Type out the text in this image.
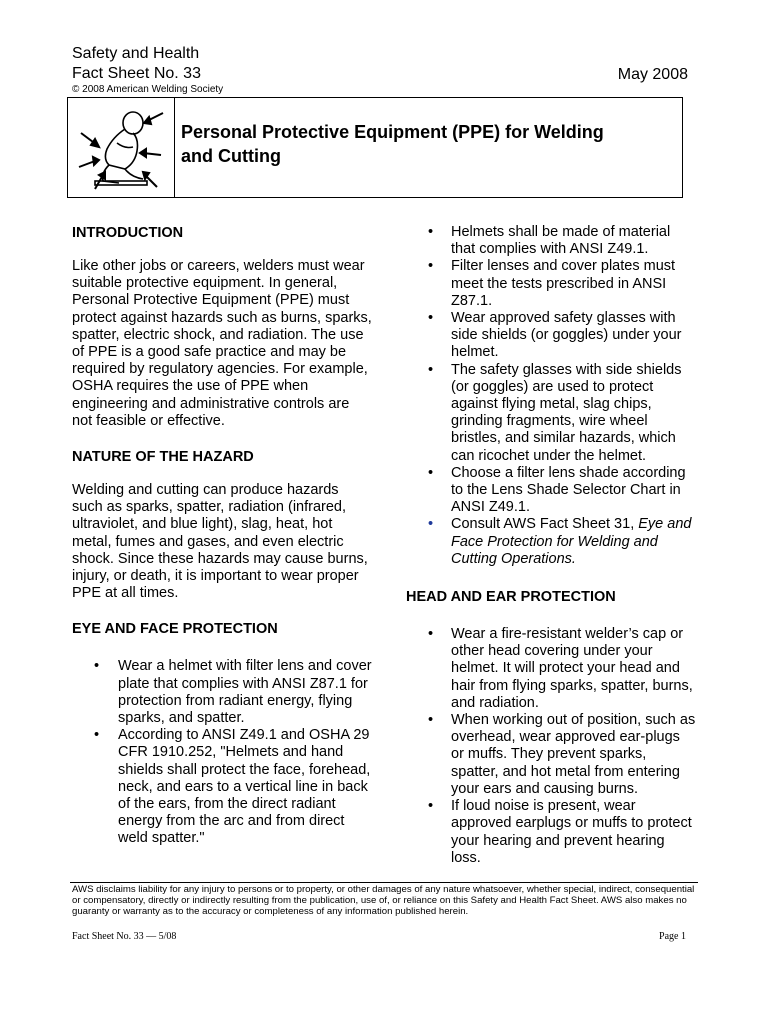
Safety and Health
Fact Sheet No. 33	May 2008
© 2008 American Welding Society
Personal Protective Equipment (PPE) for Welding
and Cutting
INTRODUCTION

Like other jobs or careers, welders must wear suitable protective equipment. In general, Personal Protective Equipment (PPE) must protect against hazards such as burns, sparks, spatter, electric shock, and radiation. The use of PPE is a good safe practice and may be required by regulatory agencies. For example, OSHA requires the use of PPE when engineering and administrative controls are not feasible or effective.

NATURE OF THE HAZARD

Welding and cutting can produce hazards such as sparks, spatter, radiation (infrared, ultraviolet, and blue light), slag, heat, hot metal, fumes and gases, and even electric shock. Since these hazards may cause burns, injury, or death, it is important to wear proper PPE at all times.

EYE AND FACE PROTECTION
• Wear a helmet with filter lens and cover plate that complies with ANSI Z87.1 for protection from radiant energy, flying sparks, and spatter.
• According to ANSI Z49.1 and OSHA 29 CFR 1910.252, "Helmets and hand shields shall protect the face, forehead, neck, and ears to a vertical line in back of the ears, from the direct radiant energy from the arc and from direct weld spatter."
• Helmets shall be made of material that complies with ANSI Z49.1.
• Filter lenses and cover plates must meet the tests prescribed in ANSI Z87.1.
• Wear approved safety glasses with side shields (or goggles) under your helmet.
• The safety glasses with side shields (or goggles) are used to protect against flying metal, slag chips, grinding fragments, wire wheel bristles, and similar hazards, which can ricochet under the helmet.
• Choose a filter lens shade according to the Lens Shade Selector Chart in ANSI Z49.1.
• Consult AWS Fact Sheet 31, Eye and Face Protection for Welding and Cutting Operations.
HEAD AND EAR PROTECTION
• Wear a fire-resistant welder’s cap or other head covering under your helmet. It will protect your head and hair from flying sparks, spatter, burns, and radiation.
• When working out of position, such as overhead, wear approved ear-plugs or muffs. They prevent sparks, spatter, and hot metal from entering your ears and causing burns.
• If loud noise is present, wear approved earplugs or muffs to protect your hearing and prevent hearing loss.
AWS disclaims liability for any injury to persons or to property, or other damages of any nature whatsoever, whether special, indirect, consequential or compensatory, directly or indirectly resulting from the publication, use of, or reliance on this Safety and Health Fact Sheet. AWS also makes no guaranty or warranty as to the accuracy or completeness of any information published herein.
Fact Sheet No. 33 — 5/08	Page 1
